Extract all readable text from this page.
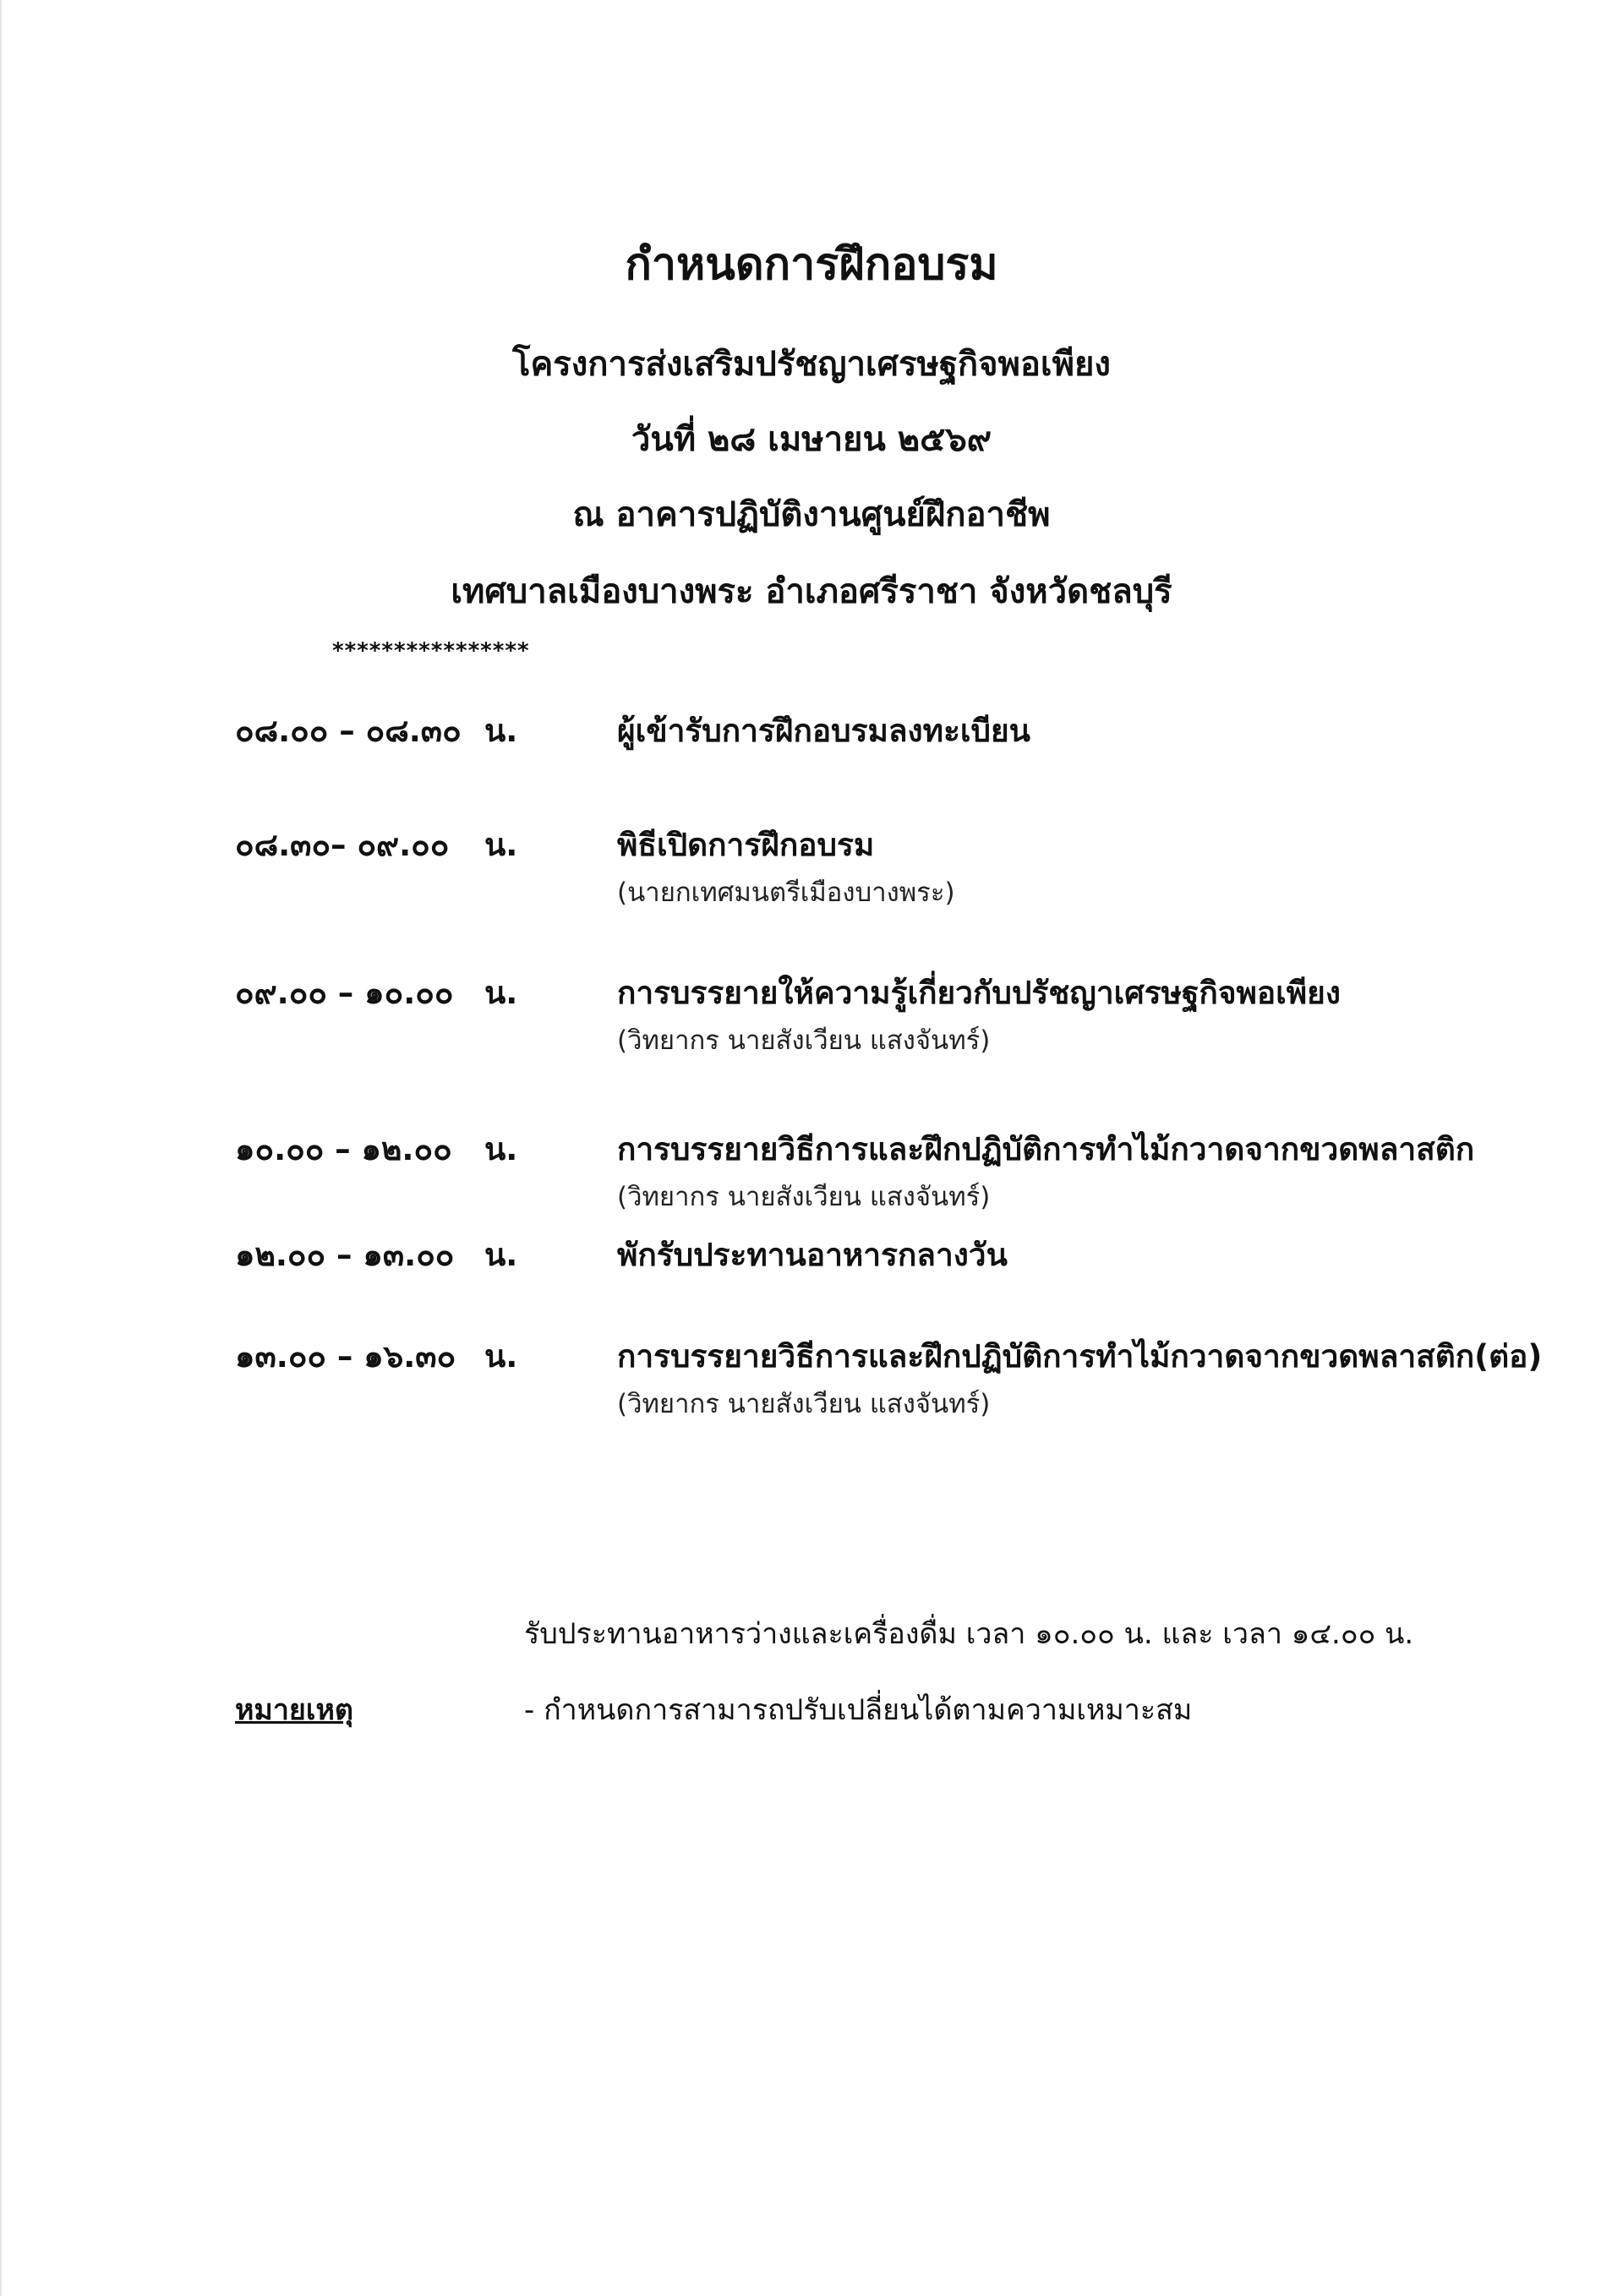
กำหนดการฝึกอบรม
โครงการส่งเสริมปรัชญาเศรษฐกิจพอเพียง
วันที่ ๒๘ เมษายน ๒๕๖๙
ณ อาคารปฏิบัติงานศูนย์ฝึกอาชีพ
เทศบาลเมืองบางพระ อำเภอศรีราชา จังหวัดชลบุรี
****************
๐๘.๐๐ – ๐๘.๓๐ น.	ผู้เข้ารับการฝึกอบรมลงทะเบียน
๐๘.๓๐– ๐๙.๐๐ น.	พิธีเปิดการฝึกอบรม
(นายกเทศมนตรีเมืองบางพระ)
๐๙.๐๐ – ๑๐.๐๐ น.	การบรรยายให้ความรู้เกี่ยวกับปรัชญาเศรษฐกิจพอเพียง
(วิทยากร นายสังเวียน แสงจันทร์)
๑๐.๐๐ – ๑๒.๐๐ น.	การบรรยายวิธีการและฝึกปฏิบัติการทำไม้กวาดจากขวดพลาสติก
(วิทยากร นายสังเวียน แสงจันทร์)
๑๒.๐๐ – ๑๓.๐๐ น.	พักรับประทานอาหารกลางวัน
๑๓.๐๐ – ๑๖.๓๐ น.	การบรรยายวิธีการและฝึกปฏิบัติการทำไม้กวาดจากขวดพลาสติก(ต่อ)
(วิทยากร นายสังเวียน แสงจันทร์)
รับประทานอาหารว่างและเครื่องดื่ม เวลา ๑๐.๐๐ น. และ เวลา ๑๔.๐๐ น.
หมายเหตุ	- กำหนดการสามารถปรับเปลี่ยนได้ตามความเหมาะสม
